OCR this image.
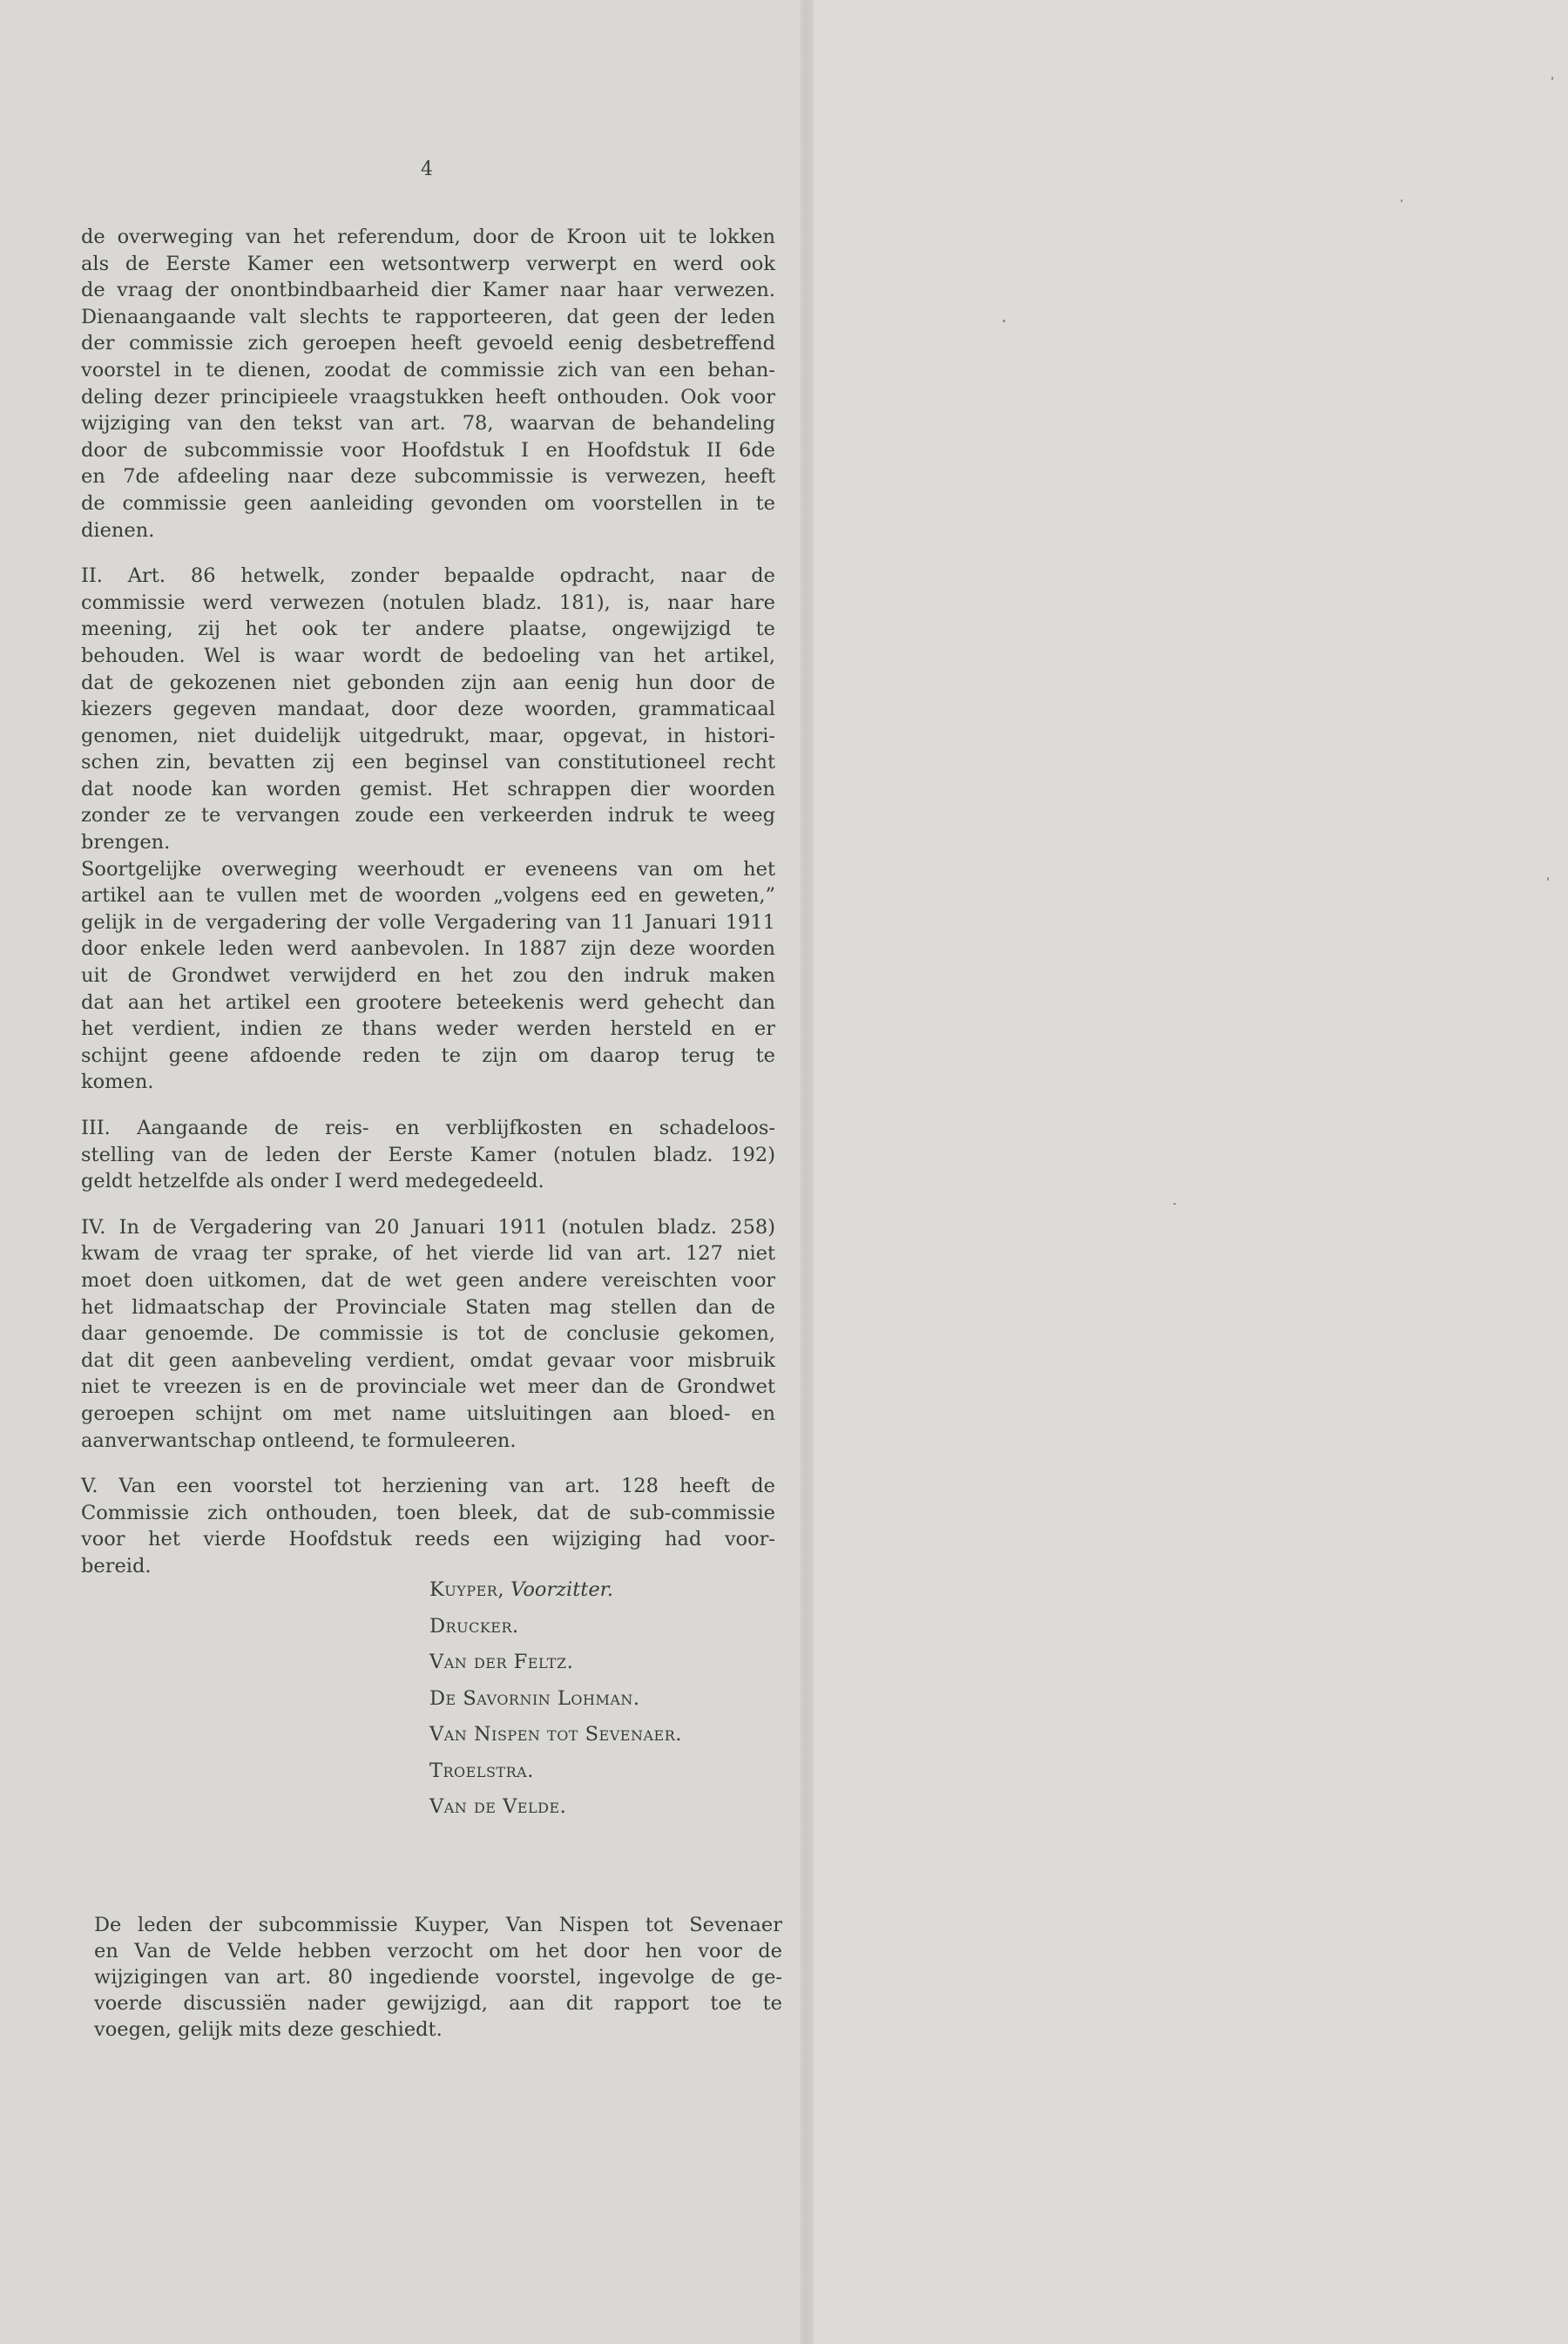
4
de overweging van het referendum, door de Kroon uit te lokken
als de Eerste Kamer een wetsontwerp verwerpt en werd ook
de vraag der onontbindbaarheid dier Kamer naar haar verwezen.
Dienaangaande valt slechts te rapporteeren, dat geen der leden
der commissie zich geroepen heeft gevoeld eenig desbetreffend
voorstel in te dienen, zoodat de commissie zich van een behan-
deling dezer principieele vraagstukken heeft onthouden. Ook voor
wijziging van den tekst van art. 78, waarvan de behandeling
door de subcommissie voor Hoofdstuk I en Hoofdstuk II 6de
en 7de afdeeling naar deze subcommissie is verwezen, heeft
de commissie geen aanleiding gevonden om voorstellen in te
dienen.
II. Art. 86 hetwelk, zonder bepaalde opdracht, naar de
commissie werd verwezen (notulen bladz. 181), is, naar hare
meening, zij het ook ter andere plaatse, ongewijzigd te
behouden. Wel is waar wordt de bedoeling van het artikel,
dat de gekozenen niet gebonden zijn aan eenig hun door de
kiezers gegeven mandaat, door deze woorden, grammaticaal
genomen, niet duidelijk uitgedrukt, maar, opgevat, in histori-
schen zin, bevatten zij een beginsel van constitutioneel recht
dat noode kan worden gemist. Het schrappen dier woorden
zonder ze te vervangen zoude een verkeerden indruk te weeg
brengen.
Soortgelijke overweging weerhoudt er eveneens van om het
artikel aan te vullen met de woorden „volgens eed en geweten,”
gelijk in de vergadering der volle Vergadering van 11 Januari 1911
door enkele leden werd aanbevolen. In 1887 zijn deze woorden
uit de Grondwet verwijderd en het zou den indruk maken
dat aan het artikel een grootere beteekenis werd gehecht dan
het verdient, indien ze thans weder werden hersteld en er
schijnt geene afdoende reden te zijn om daarop terug te
komen.
III. Aangaande de reis- en verblijfkosten en schadeloos-
stelling van de leden der Eerste Kamer (notulen bladz. 192)
geldt hetzelfde als onder I werd medegedeeld.
IV. In de Vergadering van 20 Januari 1911 (notulen bladz. 258)
kwam de vraag ter sprake, of het vierde lid van art. 127 niet
moet doen uitkomen, dat de wet geen andere vereischten voor
het lidmaatschap der Provinciale Staten mag stellen dan de
daar genoemde. De commissie is tot de conclusie gekomen,
dat dit geen aanbeveling verdient, omdat gevaar voor misbruik
niet te vreezen is en de provinciale wet meer dan de Grondwet
geroepen schijnt om met name uitsluitingen aan bloed- en
aanverwantschap ontleend, te formuleeren.
V. Van een voorstel tot herziening van art. 128 heeft de
Commissie zich onthouden, toen bleek, dat de sub-commissie
voor het vierde Hoofdstuk reeds een wijziging had voor-
bereid.
Kuyper, Voorzitter.
Drucker.
Van der Feltz.
De Savornin Lohman.
Van Nispen tot Sevenaer.
Troelstra.
Van de Velde.
De leden der subcommissie Kuyper, Van Nispen tot Sevenaer
en Van de Velde hebben verzocht om het door hen voor de
wijzigingen van art. 80 ingediende voorstel, ingevolge de ge-
voerde discussiën nader gewijzigd, aan dit rapport toe te
voegen, gelijk mits deze geschiedt.
